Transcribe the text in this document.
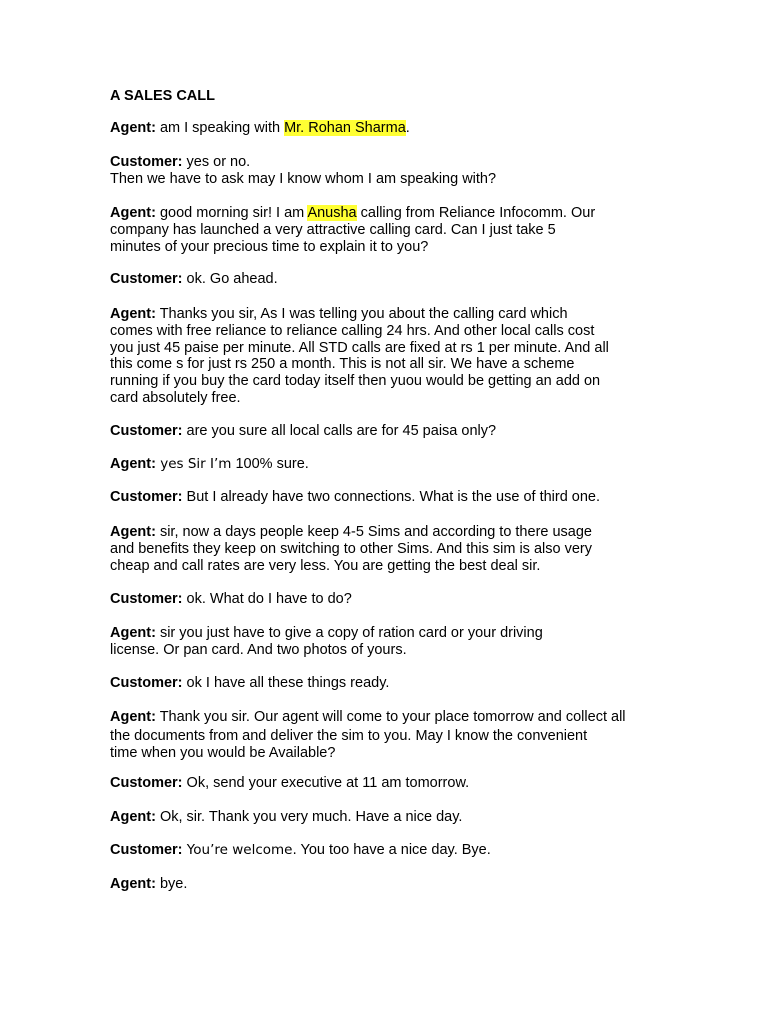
A SALES CALL
Agent: am I speaking with Mr. Rohan Sharma.
Customer: yes or no.
Then we have to ask may I know whom I am speaking with?
Agent: good morning sir! I am Anusha calling from Reliance Infocomm. Our
company has launched a very attractive calling card. Can I just take 5
minutes of your precious time to explain it to you?
Customer: ok. Go ahead.
Agent: Thanks you sir, As I was telling you about the calling card which
comes with free reliance to reliance calling 24 hrs. And other local calls cost
you just 45 paise per minute. All STD calls are fixed at rs 1 per minute. And all
this come s for just rs 250 a month. This is not all sir. We have a scheme
running if you buy the card today itself then yuou would be getting an add on
card absolutely free.
Customer: are you sure all local calls are for 45 paisa only?
Agent: yes Sir I’m 100% sure.
Customer: But I already have two connections. What is the use of third one.
Agent: sir, now a days people keep 4-5 Sims and according to there usage
and benefits they keep on switching to other Sims. And this sim is also very
cheap and call rates are very less. You are getting the best deal sir.
Customer: ok. What do I have to do?
Agent: sir you just have to give a copy of ration card or your driving
license. Or pan card. And two photos of yours.
Customer: ok I have all these things ready.
Agent: Thank you sir. Our agent will come to your place tomorrow and collect all
the documents from and deliver the sim to you. May I know the convenient
time when you would be Available?
Customer: Ok, send your executive at 11 am tomorrow.
Agent: Ok, sir. Thank you very much. Have a nice day.
Customer: You’re welcome. You too have a nice day. Bye.
Agent: bye.
